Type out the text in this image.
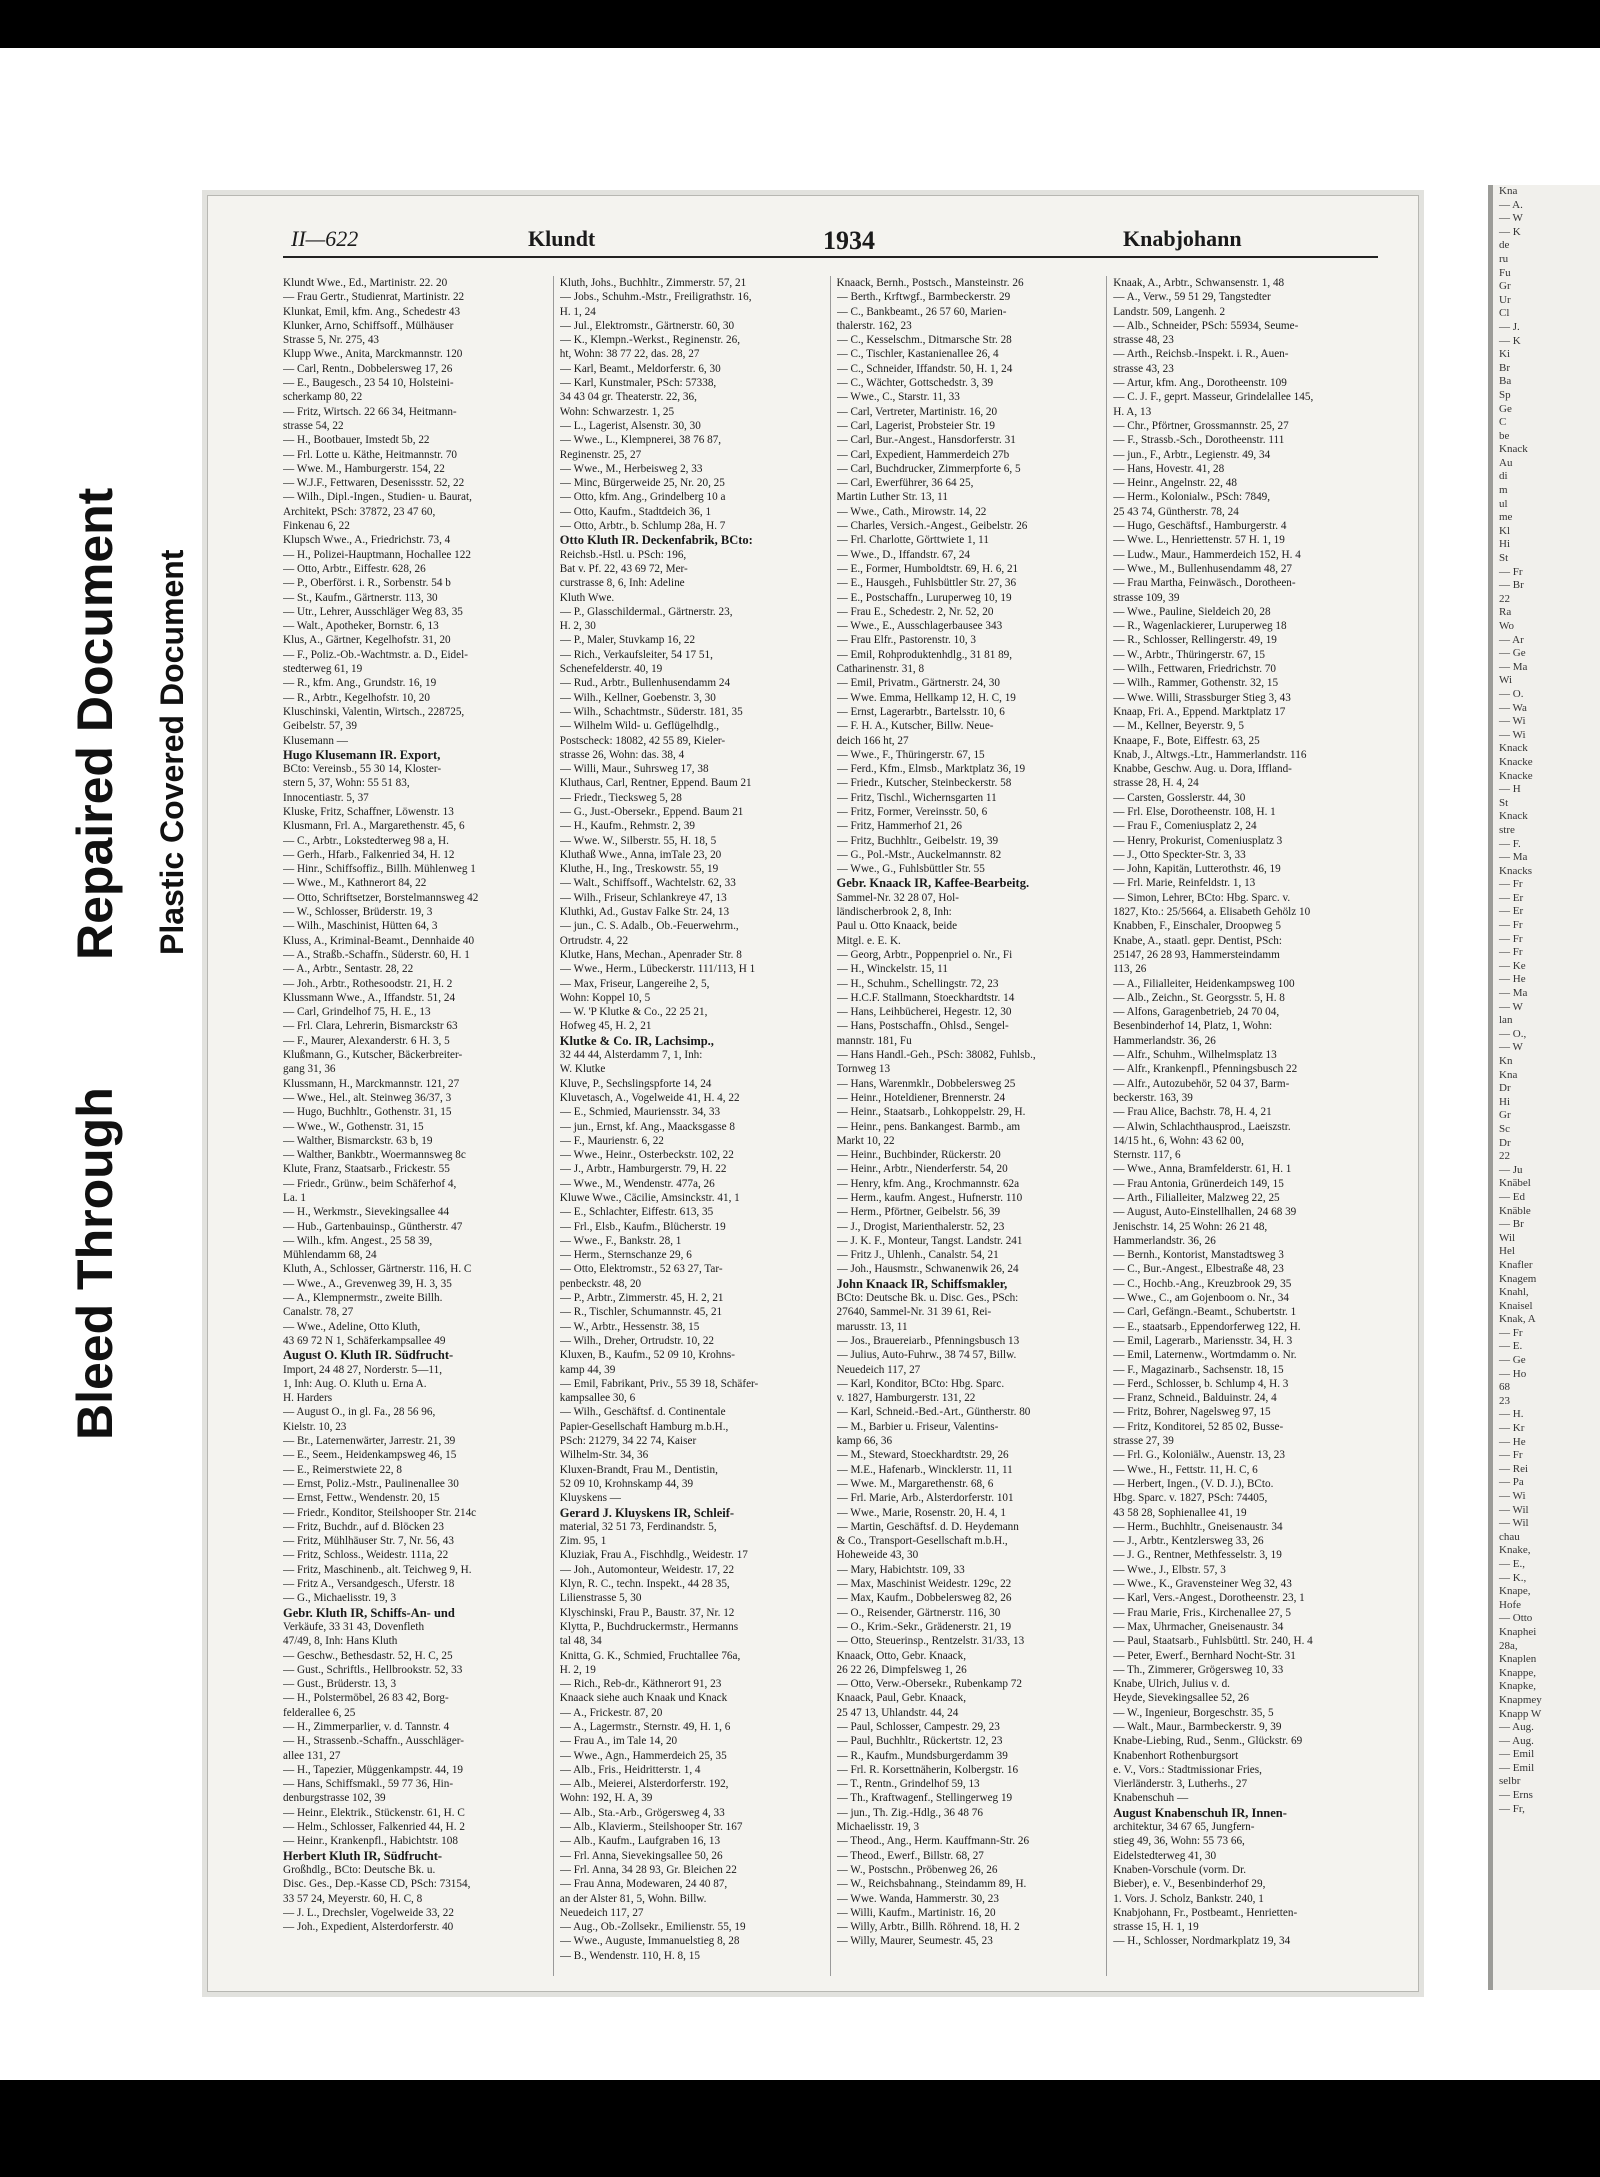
Bleed Through
Repaired Document Plastic Covered Document
II—622	Klundt	1934	Knabjohann
Klundt Wwe., Ed., Martinistr. 22. 20
— Frau Gertr., Studienrat, Martinistr. 22
Klunkat, Emil, kfm. Ang., Schedestr 43
Klunker, Arno, Schiffsoff., Mülhäuser
Strasse 5, Nr. 275, 43
Klupp Wwe., Anita, Marckmannstr. 120
— Carl, Rentn., Dobbelersweg 17, 26
— E., Baugesch., 23 54 10, Holsteini-
scherkamp 80, 22
— Fritz, Wirtsch. 22 66 34, Heitmann-
strasse 54, 22
— H., Bootbauer, Imstedt 5b, 22
— Frl. Lotte u. Käthe, Heitmannstr. 70
— Wwe. M., Hamburgerstr. 154, 22
— W.J.F., Fettwaren, Desenissstr. 52, 22
— Wilh., Dipl.-Ingen., Studien- u. Baurat,
Architekt, PSch: 37872, 23 47 60,
Finkenau 6, 22
Klupsch Wwe., A., Friedrichstr. 73, 4
— H., Polizei-Hauptmann, Hochallee 122
— Otto, Arbtr., Eiffestr. 628, 26
— P., Oberförst. i. R., Sorbenstr. 54 b
— St., Kaufm., Gärtnerstr. 113, 30
— Utr., Lehrer, Ausschläger Weg 83, 35
— Walt., Apotheker, Bornstr. 6, 13
Klus, A., Gärtner, Kegelhofstr. 31, 20
— F., Poliz.-Ob.-Wachtmstr. a. D., Eidel-
stedterweg 61, 19
— R., kfm. Ang., Grundstr. 16, 19
— R., Arbtr., Kegelhofstr. 10, 20
Kluschinski, Valentin, Wirtsch., 228725,
Geibelstr. 57, 39
Klusemann —
Hugo Klusemann IR. Export,
BCto: Vereinsb., 55 30 14, Kloster-
stern 5, 37, Wohn: 55 51 83,
Innocentiastr. 5, 37
Kluske, Fritz, Schaffner, Löwenstr. 13
Klusmann, Frl. A., Margarethenstr. 45, 6
— C., Arbtr., Lokstedterweg 98 a, H.
— Gerh., Hfarb., Falkenried 34, H. 12
— Hinr., Schiffsoffiz., Billh. Mühlenweg 1
— Wwe., M., Kathnerort 84, 22
— Otto, Schriftsetzer, Borstelmannsweg 42
— W., Schlosser, Brüderstr. 19, 3
— Wilh., Maschinist, Hütten 64, 3
Kluss, A., Kriminal-Beamt., Dennhaide 40
— A., Straßb.-Schaffn., Süderstr. 60, H. 1
— A., Arbtr., Sentastr. 28, 22
— Joh., Arbtr., Rothesoodstr. 21, H. 2
Klussmann Wwe., A., Iffandstr. 51, 24
— Carl, Grindelhof 75, H. E., 13
— Frl. Clara, Lehrerin, Bismarckstr 63
— F., Maurer, Alexanderstr. 6 H. 3, 5
Klußmann, G., Kutscher, Bäckerbreiter-
gang 31, 36
Klussmann, H., Marckmannstr. 121, 27
— Wwe., Hel., alt. Steinweg 36/37, 3
— Hugo, Buchhltr., Gothenstr. 31, 15
— Wwe., W., Gothenstr. 31, 15
— Walther, Bismarckstr. 63 b, 19
— Walther, Bankbtr., Woermannsweg 8c
Klute, Franz, Staatsarb., Frickestr. 55
— Friedr., Grünw., beim Schäferhof 4,
La. 1
— H., Werkmstr., Sievekingsallee 44
— Hub., Gartenbauinsp., Güntherstr. 47
— Wilh., kfm. Angest., 25 58 39,
Mühlendamm 68, 24
Kluth, A., Schlosser, Gärtnerstr. 116, H. C
— Wwe., A., Grevenweg 39, H. 3, 35
— A., Klempnermstr., zweite Billh.
Canalstr. 78, 27
— Wwe., Adeline, Otto Kluth,
43 69 72 N 1, Schäferkampsallee 49
August O. Kluth IR. Südfrucht-
Import, 24 48 27, Norderstr. 5—11,
1, Inh: Aug. O. Kluth u. Erna A.
H. Harders
— August O., in gl. Fa., 28 56 96,
Kielstr. 10, 23
— Br., Laternenwärter, Jarrestr. 21, 39
— E., Seem., Heidenkampsweg 46, 15
— E., Reimerstwiete 22, 8
— Ernst, Poliz.-Mstr., Paulinenallee 30
— Ernst, Fettw., Wendenstr. 20, 15
— Friedr., Konditor, Steilshooper Str. 214c
— Fritz, Buchdr., auf d. Blöcken 23
— Fritz, Mühlhäuser Str. 7, Nr. 56, 43
— Fritz, Schloss., Weidestr. 111a, 22
— Fritz, Maschinenb., alt. Teichweg 9, H.
— Fritz A., Versandgesch., Uferstr. 18
— G., Michaelisstr. 19, 3
Gebr. Kluth IR, Schiffs-An- und
Verkäufe, 33 31 43, Dovenfleth
47/49, 8, Inh: Hans Kluth
— Geschw., Bethesdastr. 52, H. C, 25
— Gust., Schriftls., Hellbrookstr. 52, 33
— Gust., Brüderstr. 13, 3
— H., Polstermöbel, 26 83 42, Borg-
felderallee 6, 25
— H., Zimmerparlier, v. d. Tannstr. 4
— H., Strassenb.-Schaffn., Ausschläger-
allee 131, 27
— H., Tapezier, Müggenkampstr. 44, 19
— Hans, Schiffsmakl., 59 77 36, Hin-
denburgstrasse 102, 39
— Heinr., Elektrik., Stückenstr. 61, H. C
— Helm., Schlosser, Falkenried 44, H. 2
— Heinr., Krankenpfl., Habichtstr. 108
Herbert Kluth IR, Südfrucht-
Großhdlg., BCto: Deutsche Bk. u.
Disc. Ges., Dep.-Kasse CD, PSch: 73154,
33 57 24, Meyerstr. 60, H. C, 8
— J. L., Drechsler, Vogelweide 33, 22
— Joh., Expedient, Alsterdorferstr. 40
Kluth, Johs., Buchhltr., Zimmerstr. 57, 21
— Jobs., Schuhm.-Mstr., Freiligrathstr. 16,
H. 1, 24
— Jul., Elektromstr., Gärtnerstr. 60, 30
— K., Klempn.-Werkst., Reginenstr. 26,
ht, Wohn: 38 77 22, das. 28, 27
— Karl, Beamt., Meldorferstr. 6, 30
— Karl, Kunstmaler, PSch: 57338,
34 43 04 gr. Theaterstr. 22, 36,
Wohn: Schwarzestr. 1, 25
— L., Lagerist, Alsenstr. 30, 30
— Wwe., L., Klempnerei, 38 76 87,
Reginenstr. 25, 27
— Wwe., M., Herbeisweg 2, 33
— Minc, Bürgerweide 25, Nr. 20, 25
— Otto, kfm. Ang., Grindelberg 10 a
— Otto, Kaufm., Stadtdeich 36, 1
— Otto, Arbtr., b. Schlump 28a, H. 7
Otto Kluth IR. Deckenfabrik, BCto:
Reichsb.-Hstl. u. PSch: 196,
Bat v. Pf. 22, 43 69 72, Mer-
curstrasse 8, 6, Inh: Adeline
Kluth Wwe.
— P., Glasschildermal., Gärtnerstr. 23,
H. 2, 30
— P., Maler, Stuvkamp 16, 22
— Rich., Verkaufsleiter, 54 17 51,
Schenefelderstr. 40, 19
— Rud., Arbtr., Bullenhusendamm 24
— Wilh., Kellner, Goebenstr. 3, 30
— Wilh., Schachtmstr., Süderstr. 181, 35
— Wilhelm Wild- u. Geflügelhdlg.,
Postscheck: 18082, 42 55 89, Kieler-
strasse 26, Wohn: das. 38, 4
— Willi, Maur., Suhrsweg 17, 38
Kluthaus, Carl, Rentner, Eppend. Baum 21
— Friedr., Tiecksweg 5, 28
— G., Just.-Obersekr., Eppend. Baum 21
— H., Kaufm., Rehmstr. 2, 39
— Wwe. W., Silberstr. 55, H. 18, 5
Kluthaß Wwe., Anna, imTale 23, 20
Kluthe, H., Ing., Treskowstr. 55, 19
— Walt., Schiffsoff., Wachtelstr. 62, 33
— Wilh., Friseur, Schlankreye 47, 13
Kluthki, Ad., Gustav Falke Str. 24, 13
— jun., C. S. Adalb., Ob.-Feuerwehrm.,
Ortrudstr. 4, 22
Klutke, Hans, Mechan., Apenrader Str. 8
— Wwe., Herm., Lübeckerstr. 111/113, H 1
— Max, Friseur, Langereihe 2, 5,
Wohn: Koppel 10, 5
— W. 'P Klutke & Co., 22 25 21,
Hofweg 45, H. 2, 21
Klutke & Co. IR, Lachsimp.,
32 44 44, Alsterdamm 7, 1, Inh:
W. Klutke
Kluve, P., Sechslingspforte 14, 24
Kluvetasch, A., Vogelweide 41, H. 4, 22
— E., Schmied, Mauriensstr. 34, 33
— jun., Ernst, kf. Ang., Maacksgasse 8
— F., Maurienstr. 6, 22
— Wwe., Heinr., Osterbeckstr. 102, 22
— J., Arbtr., Hamburgerstr. 79, H. 22
— Wwe., M., Wendenstr. 477a, 26
Kluwe Wwe., Cäcilie, Amsinckstr. 41, 1
— E., Schlachter, Eiffestr. 613, 35
— Frl., Elsb., Kaufm., Blücherstr. 19
— Wwe., F., Bankstr. 28, 1
— Herm., Sternschanze 29, 6
— Otto, Elektromstr., 52 63 27, Tar-
penbeckstr. 48, 20
— P., Arbtr., Zimmerstr. 45, H. 2, 21
— R., Tischler, Schumannstr. 45, 21
— W., Arbtr., Hessenstr. 38, 15
— Wilh., Dreher, Ortrudstr. 10, 22
Kluxen, B., Kaufm., 52 09 10, Krohns-
kamp 44, 39
— Emil, Fabrikant, Priv., 55 39 18, Schäfer-
kampsallee 30, 6
— Wilh., Geschäftsf. d. Continentale
Papier-Gesellschaft Hamburg m.b.H.,
PSch: 21279, 34 22 74, Kaiser
Wilhelm-Str. 34, 36
Kluxen-Brandt, Frau M., Dentistin,
52 09 10, Krohnskamp 44, 39
Kluyskens —
Gerard J. Kluyskens IR, Schleif-
material, 32 51 73, Ferdinandstr. 5,
Zim. 95, 1
Kluziak, Frau A., Fischhdlg., Weidestr. 17
— Joh., Automonteur, Weidestr. 17, 22
Klyn, R. C., techn. Inspekt., 44 28 35,
Lilienstrasse 5, 30
Klyschinski, Frau P., Baustr. 37, Nr. 12
Klytta, P., Buchdruckermstr., Hermanns
tal 48, 34
Knitta, G. K., Schmied, Fruchtallee 76a,
H. 2, 19
— Rich., Reb-dr., Käthnerort 91, 23
Knaack siehe auch Knaak und Knack
— A., Frickestr. 87, 20
— A., Lagermstr., Sternstr. 49, H. 1, 6
— Frau A., im Tale 14, 20
— Wwe., Agn., Hammerdeich 25, 35
— Alb., Fris., Heidritterstr. 1, 4
— Alb., Meierei, Alsterdorferstr. 192,
Wohn: 192, H. A, 39
— Alb., Sta.-Arb., Grögersweg 4, 33
— Alb., Klavierm., Steilshooper Str. 167
— Alb., Kaufm., Laufgraben 16, 13
— Frl. Anna, Sievekingsallee 50, 26
— Frl. Anna, 34 28 93, Gr. Bleichen 22
— Frau Anna, Modewaren, 24 40 87,
an der Alster 81, 5, Wohn. Billw.
Neuedeich 117, 27
— Aug., Ob.-Zollsekr., Emilienstr. 55, 19
— Wwe., Auguste, Immanuelstieg 8, 28
— B., Wendenstr. 110, H. 8, 15
Knaack, Bernh., Postsch., Mansteinstr. 26
— Berth., Krftwgf., Barmbeckerstr. 29
— C., Bankbeamt., 26 57 60, Marien-
thalerstr. 162, 23
— C., Kesselschm., Ditmarsche Str. 28
— C., Tischler, Kastanienallee 26, 4
— C., Schneider, Iffandstr. 50, H. 1, 24
— C., Wächter, Gottschedstr. 3, 39
— Wwe., C., Starstr. 11, 33
— Carl, Vertreter, Martinistr. 16, 20
— Carl, Lagerist, Probsteier Str. 19
— Carl, Bur.-Angest., Hansdorferstr. 31
— Carl, Expedient, Hammerdeich 27b
— Carl, Buchdrucker, Zimmerpforte 6, 5
— Carl, Ewerführer, 36 64 25,
Martin Luther Str. 13, 11
— Wwe., Cath., Mirowstr. 14, 22
— Charles, Versich.-Angest., Geibelstr. 26
— Frl. Charlotte, Görttwiete 1, 11
— Wwe., D., Iffandstr. 67, 24
— E., Former, Humboldtstr. 69, H. 6, 21
— E., Hausgeh., Fuhlsbüttler Str. 27, 36
— E., Postschaffn., Luruperweg 10, 19
— Frau E., Schedestr. 2, Nr. 52, 20
— Wwe., E., Ausschlagerbausee 343
— Frau Elfr., Pastorenstr. 10, 3
— Emil, Rohproduktenhdlg., 31 81 89,
Catharinenstr. 31, 8
— Emil, Privatm., Gärtnerstr. 24, 30
— Wwe. Emma, Hellkamp 12, H. C, 19
— Ernst, Lagerarbtr., Bartelsstr. 10, 6
— F. H. A., Kutscher, Billw. Neue-
deich 166 ht, 27
— Wwe., F., Thüringerstr. 67, 15
— Ferd., Kfm., Elmsb., Marktplatz 36, 19
— Friedr., Kutscher, Steinbeckerstr. 58
— Fritz, Tischl., Wichernsgarten 11
— Fritz, Former, Vereinsstr. 50, 6
— Fritz, Hammerhof 21, 26
— Fritz, Buchhltr., Geibelstr. 19, 39
— G., Pol.-Mstr., Auckelmannstr. 82
— Wwe., G., Fuhlsbüttler Str. 55
Gebr. Knaack IR, Kaffee-Bearbeitg.
Sammel-Nr. 32 28 07, Hol-
ländischerbrook 2, 8, Inh:
Paul u. Otto Knaack, beide
Mitgl. e. E. K.
— Georg, Arbtr., Poppenpriel o. Nr., Fi
— H., Winckelstr. 15, 11
— H., Schuhm., Schellingstr. 72, 23
— H.C.F. Stallmann, Stoeckhardtstr. 14
— Hans, Leihbücherei, Hegestr. 12, 30
— Hans, Postschaffn., Ohlsd., Sengel-
mannstr. 181, Fu
— Hans Handl.-Geh., PSch: 38082, Fuhlsb.,
Tornweg 13
— Hans, Warenmklr., Dobbelersweg 25
— Heinr., Hoteldiener, Brennerstr. 24
— Heinr., Staatsarb., Lohkoppelstr. 29, H.
— Heinr., pens. Bankangest. Barmb., am
Markt 10, 22
— Heinr., Buchbinder, Rückerstr. 20
— Heinr., Arbtr., Nienderferstr. 54, 20
— Henry, kfm. Ang., Krochmannstr. 62a
— Herm., kaufm. Angest., Hufnerstr. 110
— Herm., Pförtner, Geibelstr. 56, 39
— J., Drogist, Marienthalerstr. 52, 23
— J. K. F., Monteur, Tangst. Landstr. 241
— Fritz J., Uhlenh., Canalstr. 54, 21
— Joh., Hausmstr., Schwanenwik 26, 24
John Knaack IR, Schiffsmakler,
BCto: Deutsche Bk. u. Disc. Ges., PSch:
27640, Sammel-Nr. 31 39 61, Rei-
marusstr. 13, 11
— Jos., Brauereiarb., Pfenningsbusch 13
— Julius, Auto-Fuhrw., 38 74 57, Billw.
Neuedeich 117, 27
— Karl, Konditor, BCto: Hbg. Sparc.
v. 1827, Hamburgerstr. 131, 22
— Karl, Schneid.-Bed.-Art., Güntherstr. 80
— M., Barbier u. Friseur, Valentins-
kamp 66, 36
— M., Steward, Stoeckhardtstr. 29, 26
— M.E., Hafenarb., Wincklerstr. 11, 11
— Wwe. M., Margarethenstr. 68, 6
— Frl. Marie, Arb., Alsterdorferstr. 101
— Wwe., Marie, Rosenstr. 20, H. 4, 1
— Martin, Geschäftsf. d. D. Heydemann
& Co., Transport-Gesellschaft m.b.H.,
Hoheweide 43, 30
— Mary, Habichtstr. 109, 33
— Max, Maschinist Weidestr. 129c, 22
— Max, Kaufm., Dobbelersweg 82, 26
— O., Reisender, Gärtnerstr. 116, 30
— O., Krim.-Sekr., Grädenerstr. 21, 19
— Otto, Steuerinsp., Rentzelstr. 31/33, 13
Knaack, Otto, Gebr. Knaack,
26 22 26, Dimpfelsweg 1, 26
— Otto, Verw.-Obersekr., Rubenkamp 72
Knaack, Paul, Gebr. Knaack,
25 47 13, Uhlandstr. 44, 24
— Paul, Schlosser, Campestr. 29, 23
— Paul, Buchhltr., Rückertstr. 12, 23
— R., Kaufm., Mundsburgerdamm 39
— Frl. R. Korsettnäherin, Kolbergstr. 16
— T., Rentn., Grindelhof 59, 13
— Th., Kraftwagenf., Stellingerweg 19
— jun., Th. Zig.-Hdlg., 36 48 76
Michaelisstr. 19, 3
— Theod., Ang., Herm. Kauffmann-Str. 26
— Theod., Ewerf., Billstr. 68, 27
— W., Postschn., Pröbenweg 26, 26
— W., Reichsbahnang., Steindamm 89, H.
— Wwe. Wanda, Hammerstr. 30, 23
— Willi, Kaufm., Martinistr. 16, 20
— Willy, Arbtr., Billh. Röhrend. 18, H. 2
— Willy, Maurer, Seumestr. 45, 23
Knaak, A., Arbtr., Schwansenstr. 1, 48
— A., Verw., 59 51 29, Tangstedter
Landstr. 509, Langenh. 2
— Alb., Schneider, PSch: 55934, Seume-
strasse 48, 23
— Arth., Reichsb.-Inspekt. i. R., Auen-
strasse 43, 23
— Artur, kfm. Ang., Dorotheenstr. 109
— C. J. F., geprt. Masseur, Grindelallee 145,
H. A, 13
— Chr., Pförtner, Grossmannstr. 25, 27
— F., Strassb.-Sch., Dorotheenstr. 111
— jun., F., Arbtr., Legienstr. 49, 34
— Hans, Hovestr. 41, 28
— Heinr., Angelnstr. 22, 48
— Herm., Kolonialw., PSch: 7849,
25 43 74, Güntherstr. 78, 24
— Hugo, Geschäftsf., Hamburgerstr. 4
— Wwe. L., Henriettenstr. 57 H. 1, 19
— Ludw., Maur., Hammerdeich 152, H. 4
— Wwe., M., Bullenhusendamm 48, 27
— Frau Martha, Feinwäsch., Dorotheen-
strasse 109, 39
— Wwe., Pauline, Sieldeich 20, 28
— R., Wagenlackierer, Luruperweg 18
— R., Schlosser, Rellingerstr. 49, 19
— W., Arbtr., Thüringerstr. 67, 15
— Wilh., Fettwaren, Friedrichstr. 70
— Wilh., Rammer, Gothenstr. 32, 15
— Wwe. Willi, Strassburger Stieg 3, 43
Knaap, Fri. A., Eppend. Marktplatz 17
— M., Kellner, Beyerstr. 9, 5
Knaape, F., Bote, Eiffestr. 63, 25
Knab, J., Altwgs.-Ltr., Hammerlandstr. 116
Knabbe, Geschw. Aug. u. Dora, Iffland-
strasse 28, H. 4, 24
— Carsten, Gosslerstr. 44, 30
— Frl. Else, Dorotheenstr. 108, H. 1
— Frau F., Comeniusplatz 2, 24
— Henry, Prokurist, Comeniusplatz 3
— J., Otto Speckter-Str. 3, 33
— John, Kapitän, Lutterothstr. 46, 19
— Frl. Marie, Reinfeldstr. 1, 13
— Simon, Lehrer, BCto: Hbg. Sparc. v.
1827, Kto.: 25/5664, a. Elisabeth Gehölz 10
Knabben, F., Einschaler, Droopweg 5
Knabe, A., staatl. gepr. Dentist, PSch:
25147, 26 28 93, Hammersteindamm
113, 26
— A., Filialleiter, Heidenkampsweg 100
— Alb., Zeichn., St. Georgsstr. 5, H. 8
— Alfons, Garagenbetrieb, 24 70 04,
Besenbinderhof 14, Platz, 1, Wohn:
Hammerlandstr. 36, 26
— Alfr., Schuhm., Wilhelmsplatz 13
— Alfr., Krankenpfl., Pfenningsbusch 22
— Alfr., Autozubehör, 52 04 37, Barm-
beckerstr. 163, 39
— Frau Alice, Bachstr. 78, H. 4, 21
— Alwin, Schlachthausprod., Laeiszstr.
14/15 ht., 6, Wohn: 43 62 00,
Sternstr. 117, 6
— Wwe., Anna, Bramfelderstr. 61, H. 1
— Frau Antonia, Grünerdeich 149, 15
— Arth., Filialleiter, Malzweg 22, 25
— August, Auto-Einstellhallen, 24 68 39
Jenischstr. 14, 25 Wohn: 26 21 48,
Hammerlandstr. 36, 26
— Bernh., Kontorist, Manstadtsweg 3
— C., Bur.-Angest., Elbestraße 48, 23
— C., Hochb.-Ang., Kreuzbrook 29, 35
— Wwe., C., am Gojenboom o. Nr., 34
— Carl, Gefängn.-Beamt., Schubertstr. 1
— E., staatsarb., Eppendorferweg 122, H.
— Emil, Lagerarb., Mariensstr. 34, H. 3
— Emil, Laternenw., Wortmdamm o. Nr.
— F., Magazinarb., Sachsenstr. 18, 15
— Ferd., Schlosser, b. Schlump 4, H. 3
— Franz, Schneid., Balduinstr. 24, 4
— Fritz, Bohrer, Nagelsweg 97, 15
— Fritz, Konditorei, 52 85 02, Busse-
strasse 27, 39
— Frl. G., Koloniälw., Auenstr. 13, 23
— Wwe., H., Fettstr. 11, H. C, 6
— Herbert, Ingen., (V. D. J.), BCto.
Hbg. Sparc. v. 1827, PSch: 74405,
43 58 28, Sophienallee 41, 19
— Herm., Buchhltr., Gneisenaustr. 34
— J., Arbtr., Kentzlersweg 33, 26
— J. G., Rentner, Methfesselstr. 3, 19
— Wwe., J., Elbstr. 57, 3
— Wwe., K., Gravensteiner Weg 32, 43
— Karl, Vers.-Angest., Dorotheenstr. 23, 1
— Frau Marie, Fris., Kirchenallee 27, 5
— Max, Uhrmacher, Gneisenaustr. 34
— Paul, Staatsarb., Fuhlsbüttl. Str. 240, H. 4
— Peter, Ewerf., Bernhard Nocht-Str. 31
— Th., Zimmerer, Grögersweg 10, 33
Knabe, Ulrich, Julius v. d.
Heyde, Sievekingsallee 52, 26
— W., Ingenieur, Borgeschstr. 35, 5
— Walt., Maur., Barmbeckerstr. 9, 39
Knabe-Liebing, Rud., Senm., Glückstr. 69
Knabenhort Rothenburgsort
e. V., Vors.: Stadtmissionar Fries,
Vierländerstr. 3, Lutherhs., 27
Knabenschuh —
August Knabenschuh IR, Innen-
architektur, 34 67 65, Jungfern-
stieg 49, 36, Wohn: 55 73 66,
Eidelstedterweg 41, 30
Knaben-Vorschule (vorm. Dr.
Bieber), e. V., Besenbinderhof 29,
1. Vors. J. Scholz, Bankstr. 240, 1
Knabjohann, Fr., Postbeamt., Henrietten-
strasse 15, H. 1, 19
— H., Schlosser, Nordmarkplatz 19, 34
Kna
— A.
— W
— K
de
ru
Fu
Gr
Ur
Cl
— J.
— K
Ki
Br
Ba
Sp
Ge
C
be
Knack
Au
di
m
ul
me
Kl
Hi
St
— Fr
— Br
22
Ra
Wo
— Ar
— Ge
— Ma
Wi
— O.
— Wa
— Wi
— Wi
Knack
Knacke
Knacke
— H
St
Knack
stre
— F.
— Ma
Knacks
— Fr
— Er
— Er
— Fr
— Fr
— Fr
— Ke
— He
— Ma
— W
lan
— O.,
— W
Kn
Kna
Dr
Hi
Gr
Sc
Dr
22
— Ju
Knäbel
— Ed
Knäble
— Br
Wil
Hel
Knafler
Knagem
Knahl,
Knaisel
Knak, A
— Fr
— E.
— Ge
— Ho
68
23
— H.
— Kr
— He
— Fr
— Rei
— Pa
— Wi
— Wil
— Wil
chau
Knake,
— E.,
— K.,
Knape,
Hofe
— Otto
Knaphei
28a,
Knaplen
Knappe,
Knapke,
Knapmey
Knapp W
— Aug.
— Aug.
— Emil
— Emil
selbr
— Erns
— Fr,
